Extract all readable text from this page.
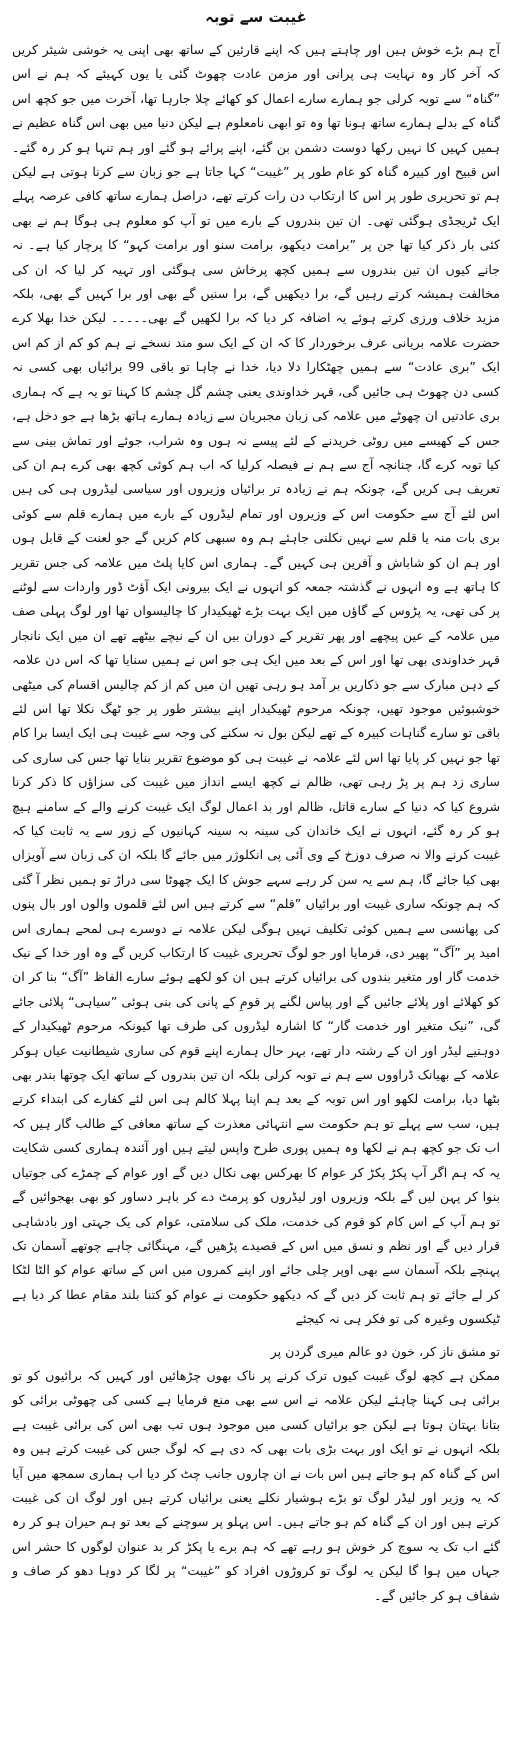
غیبت سے توبہ

آج ہم بڑے خوش ہیں اور چاہتے ہیں کہ اپنے قارئین کے ساتھ بھی اپنی یہ خوشی شیئر کریں کہ آخر کار وہ نہایت ہی پرانی اور مزمن عادت چھوٹ گئی یا یوں کہیئے کہ ہم نے اس ”گناہ“ سے توبہ کرلی جو ہمارے سارے اعمال کو کھائے چلا جارہا تھا، آخرت میں جو کچھ اس گناہ کے بدلے ہمارے ساتھ ہونا تھا وہ تو ابھی نامعلوم ہے لیکن دنیا میں بھی اس گناہ عظیم نے ہمیں کہیں کا نہیں رکھا دوست دشمن بن گئے، اپنے پرائے ہو گئے اور ہم تنہا ہو کر رہ گئے۔ اس قبیح اور کبیرہ گناہ کو عام طور پر ”غیبت“ کہا جاتا ہے جو زبان سے کرنا ہوتی ہے لیکن ہم تو تحریری طور پر اس کا ارتکاب دن رات کرتے تھے، دراصل ہمارے ساتھ کافی عرصہ پہلے ایک ٹریجڈی ہوگئی تھی۔ ان تین بندروں کے بارے میں تو آپ کو معلوم ہی ہوگا ہم نے بھی کئی بار ذکر کیا تھا جن پر ”برامت دیکھو، برامت سنو اور برامت کہو“ کا پرچار کیا ہے۔ نہ جانے کیوں ان تین بندروں سے ہمیں کچھ پرخاش سی ہوگئی اور تہیہ کر لیا کہ ان کی مخالفت ہمیشہ کرتے رہیں گے، برا دیکھیں گے، برا سنیں گے بھی اور برا کہیں گے بھی، بلکہ مزید خلاف ورزی کرتے ہوئے یہ اضافہ کر دیا کہ برا لکھیں گے بھی۔۔۔۔۔ لیکن خدا بھلا کرے حضرت علامہ بریانی عرف برخوردار کا کہ ان کے ایک سو مند نسخے نے ہم کو کم از کم اس ایک ”بری عادت“ سے ہمیں چھٹکارا دلا دیا، خدا نے چاہا تو باقی 99 برائیاں بھی کسی نہ کسی دن چھوٹ ہی جائیں گی، قہر خداوندی یعنی چشم گل چشم کا کہنا تو یہ ہے کہ ہماری بری عادتیں ان چھوٹے میں علامہ کی زبان مجبریان سے زیادہ ہمارے ہاتھ بڑھا ہے جو دخل ہے، جس کے کھیسے میں روٹی خریدنے کے لئے پیسے نہ ہوں وہ شراب، جوئے اور تماش بینی سے کیا توبہ کرے گا، چنانچہ آج سے ہم نے فیصلہ کرلیا کہ اب ہم کوئی کچھ بھی کرے ہم ان کی تعریف ہی کریں گے، چونکہ ہم نے زیادہ تر برائیاں وزیروں اور سیاسی لیڈروں ہی کی ہیں اس لئے آج سے حکومت اس کے وزیروں اور تمام لیڈروں کے بارے میں ہمارے قلم سے کوئی بری بات منہ یا قلم سے نہیں نکلنی جاہئے ہم وہ سبھی کام کریں گے جو لعنت کے قابل ہوں اور ہم ان کو شاباش و آفرین ہی کہیں گے۔ ہماری اس کایا پلٹ میں علامہ کی جس تقریر کا ہاتھ ہے وہ انہوں نے گذشتہ جمعہ کو انہوں نے ایک بیرونی ایک آؤٹ ڈور واردات سے لوٹنے پر کی تھی، یہ پڑوس کے گاؤں میں ایک بہت بڑے ٹھیکیدار کا چالیسواں تھا اور لوگ پہلی صف میں علامہ کے عین پیچھے اور پھر تقریر کے دوران بیں ان کے نیچے بیٹھے تھے ان میں ایک نانجار قہر خداوندی بھی تھا اور اس کے بعد میں ایک ہی جو اس نے ہمیں سنایا تھا کہ اس دن علامہ کے دہن مبارک سے جو ذکاریں بر آمد ہو رہی تھیں ان میں کم از کم چالیس اقسام کی میٹھی خوشبوئیں موجود تھیں، چونکہ مرحوم ٹھیکیدار اپنے بیشتر طور پر جو ٹھگ نکلا تھا اس لئے باقی تو سارے گناہات کبیرہ کے تھے لیکن بول نہ سکنے کی وجہ سے غیبت ہی ایک ایسا برا کام تھا جو نہیں کر پایا تھا اس لئے علامہ نے غیبت ہی کو موضوع تقریر بنایا تھا جس کی ساری کی ساری زد ہم پر پڑ رہی تھی، ظالم نے کچھ ایسے انداز میں غیبت کی سزاؤں کا ذکر کرنا شروع کیا کہ دنیا کے سارے قاتل، ظالم اور بد اعمال لوگ ایک غیبت کرنے والے کے سامنے ہیچ ہو کر رہ گئے، انہوں نے ایک خاندان کی سینہ بہ سینہ کہانیوں کے زور سے یہ ثابت کیا کہ غیبت کرنے والا نہ صرف دوزخ کے وی آئی پی انکلوژر میں جائے گا بلکہ ان کی زبان سے آویزاں بھی کیا جائے گا، ہم سے یہ سن کر رہے سہے جوش کا ایک چھوٹا سی دراڑ تو ہمیں نظر آ گئی کہ ہم چونکہ ساری غیبت اور برائیاں ”قلم“ سے کرتے ہیں اس لئے قلموں والوں اور بال پنوں کی پھانسی سے ہمیں کوئی تکلیف نہیں ہوگی لیکن علامہ نے دوسرے ہی لمحے ہماری اس امید پر ”آگ“ پھیر دی، فرمایا اور جو لوگ تحریری غیبت کا ارتکاب کریں گے وہ اور خدا کے نیک خدمت گار اور متغیر بندوں کی برائیاں کرتے ہیں ان کو لکھے ہوئے سارے الفاظ ”آگ“ بنا کر ان کو کھلائے اور پلائے جائیں گے اور پیاس لگنے پر قومِ کے پانی کی بنی ہوئی ”سیاہی“ پلائی جائے گی، ”نیک متغیر اور خدمت گار“ کا اشارہ لیڈروں کی طرف تھا کیونکہ مرحوم ٹھیکیدار کے دوہتیے لیڈر اور ان کے رشتہ دار تھے، بہر حال ہمارے اپنے قوم کی ساری شیطانیت عیاں ہوکر علامہ کے بھیانک ڈراووں سے ہم نے توبہ کرلی بلکہ ان تین بندروں کے ساتھ ایک چوتھا بندر بھی بٹھا دیا، برامت لکھو اور اس توبہ کے بعد ہم اپنا پہلا کالم ہی اس لئے کفارے کی ابتداء کرتے ہیں، سب سے پہلے تو ہم حکومت سے انتہائی معذرت کے ساتھ معافی کے طالب گار ہیں کہ اب تک جو کچھ ہم نے لکھا وہ ہمیں پوری طرح واپس لیتے ہیں اور آئندہ ہماری کسی شکایت یہ کہ ہم اگر آپ پکڑ پکڑ کر عوام کا بھرکس بھی نکال دیں گے اور عوام کے چمڑے کی جوتیاں بنوا کر پہن لیں گے بلکہ وزیروں اور لیڈروں کو پرمٹ دے کر باہر دساور کو بھی بھجوائیں گے تو ہم آپ کے اس کام کو قوم کی خدمت، ملک کی سلامتی، عوام کی یک جہتی اور بادشاہی قرار دیں گے اور نظم و نسق میں اس کے قصیدے پڑھیں گے، مہنگائی چاہے چوتھے آسمان تک پہنچے بلکہ آسمان سے بھی اوپر چلی جائے اور اپنے کمروں میں اس کے ساتھ عوام کو الٹا لٹکا کر لے جائے تو ہم ثابت کر دیں گے کہ دیکھو حکومت نے عوام کو کتنا بلند مقام عطا کر دیا ہے ٹیکسوں وغیرہ کی تو فکر ہی نہ کیجئے

تو مشق ناز کر، خون دو عالم میری گردن پر

ممکن ہے کچھ لوگ غیبت کیوں ترک کرنے پر ناک بھوں چڑھائیں اور کہیں کہ برائیوں کو تو برائی ہی کہنا چاہئے لیکن علامہ نے اس سے بھی منع فرمایا ہے کسی کی چھوٹی برائی کو بتانا بہتان ہوتا ہے لیکن جو برائیاں کسی میں موجود ہوں تب بھی اس کی برائی غیبت ہے بلکہ انہوں نے تو ایک اور بہت بڑی بات بھی کہ دی ہے کہ لوگ جس کی غیبت کرتے ہیں وہ اس کے گناہ کم ہو جاتے ہیں اس بات نے ان چاروں جانب چٹ کر دیا اب ہماری سمجھ میں آیا کہ یہ وزیر اور لیڈر لوگ تو بڑے ہوشیار نکلے یعنی برائیاں کرتے ہیں اور لوگ ان کی غیبت کرتے ہیں اور ان کے گناہ کم ہو جاتے ہیں۔ اس پہلو پر سوچنے کے بعد تو ہم حیران ہو کر رہ گئے اب تک یہ سوچ کر خوش ہو رہے تھے کہ ہم برے یا پکڑ کر بد عنوان لوگوں کا حشر اس جہاں میں ہوا گا لیکن یہ لوگ تو کروڑوں افراد کو ”غیبت“ پر لگا کر دوہا دھو کر صاف و شفاف ہو کر جائیں گے۔
